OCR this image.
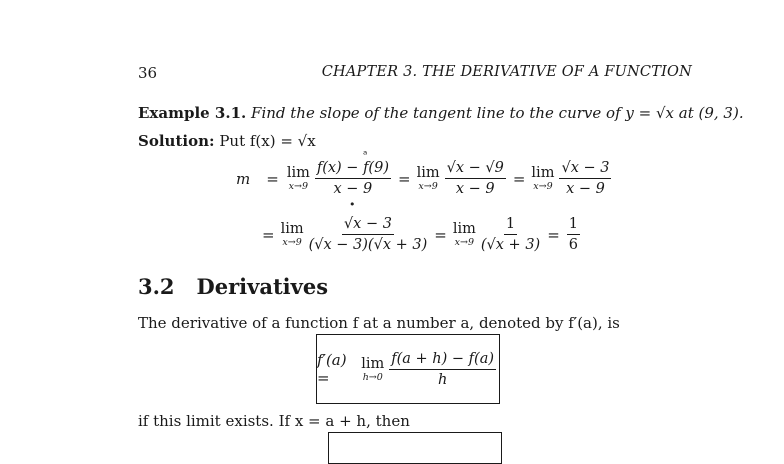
36	CHAPTER 3. THE DERIVATIVE OF A FUNCTION
Example 3.1. Find the slope of the tangent line to the curve of y = √x at (9, 3).
Solution: Put f(x) = √x
ᵃ
•
m = lim
$x\to 9 \frac{f(x) - f(9)}{x - 9} = \lim$
$x\to 9 \frac{√x - √9}{x - 9} = \lim$
$x\to 9 \frac{√x - 3}{x - 9}$
= lim
$x\to 9 \frac{√x - 3}{(√x - 3)(√x + 3)} = \lim$
$x\to 9 \frac{1}{(√x + 3)} = \frac{1}{6}$
3.2 Derivatives
The derivative of a function f at a number a, denoted by f′(a), is
f′(a) =
lim
$h\to 0 \frac{f(a + h) - f(a)}{h}$
if this limit exists. If x = a + h, then
